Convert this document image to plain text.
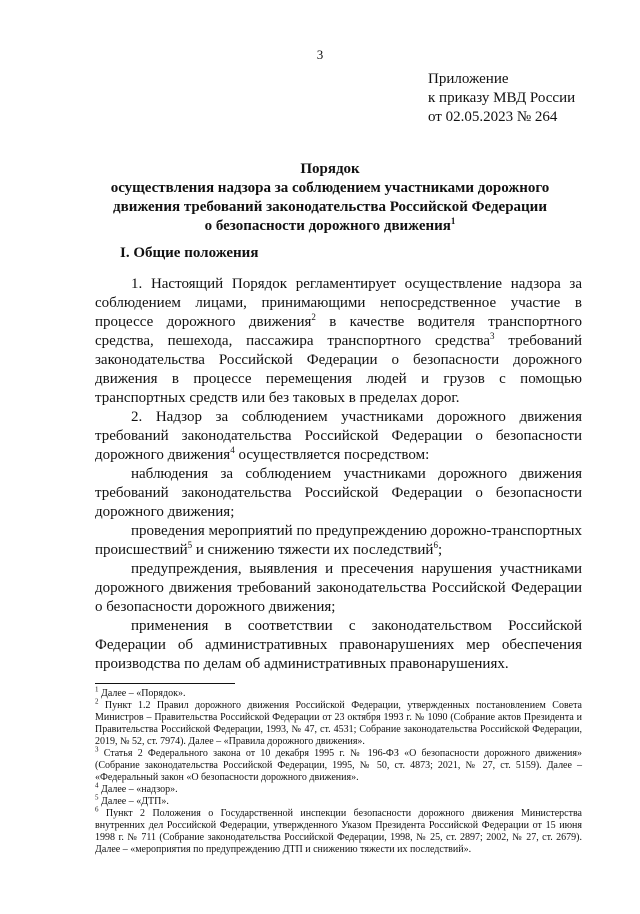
3
Приложение
к приказу МВД России
от 02.05.2023 № 264
Порядок
осуществления надзора за соблюдением участниками дорожного
движения требований законодательства Российской Федерации
о безопасности дорожного движения$^1$
I. Общие положения

1. Настоящий Порядок регламентирует осуществление надзора за соблюдением лицами, принимающими непосредственное участие в процессе дорожного движения$^2$ в качестве водителя транспортного средства, пешехода, пассажира транспортного средства$^3$ требований законодательства Российской Федерации о безопасности дорожного движения в процессе перемещения людей и грузов с помощью транспортных средств или без таковых в пределах дорог.

2. Надзор за соблюдением участниками дорожного движения требований законодательства Российской Федерации о безопасности дорожного движения$^4$ осуществляется посредством:

наблюдения за соблюдением участниками дорожного движения требований законодательства Российской Федерации о безопасности дорожного движения;

проведения мероприятий по предупреждению дорожно-транспортных происшествий$^5$ и снижению тяжести их последствий$^6$;

предупреждения, выявления и пресечения нарушения участниками дорожного движения требований законодательства Российской Федерации о безопасности дорожного движения;

применения в соответствии с законодательством Российской Федерации об административных правонарушениях мер обеспечения производства по делам об административных правонарушениях.

$^1$ Далее – «Порядок».

$^2$ Пункт 1.2 Правил дорожного движения Российской Федерации, утвержденных постановлением Совета Министров – Правительства Российской Федерации от 23 октября 1993 г. № 1090 (Собрание актов Президента и Правительства Российской Федерации, 1993, № 47, ст. 4531; Собрание законодательства Российской Федерации, 2019, № 52, ст. 7974). Далее – «Правила дорожного движения».

$^3$ Статья 2 Федерального закона от 10 декабря 1995 г. № 196-ФЗ «О безопасности дорожного движения» (Собрание законодательства Российской Федерации, 1995, № 50, ст. 4873; 2021, № 27, ст. 5159). Далее – «Федеральный закон «О безопасности дорожного движения».

$^4$ Далее – «надзор».

$^5$ Далее – «ДТП».

$^6$ Пункт 2 Положения о Государственной инспекции безопасности дорожного движения Министерства внутренних дел Российской Федерации, утвержденного Указом Президента Российской Федерации от 15 июня 1998 г. № 711 (Собрание законодательства Российской Федерации, 1998, № 25, ст. 2897; 2002, № 27, ст. 2679). Далее – «мероприятия по предупреждению ДТП и снижению тяжести их последствий».
